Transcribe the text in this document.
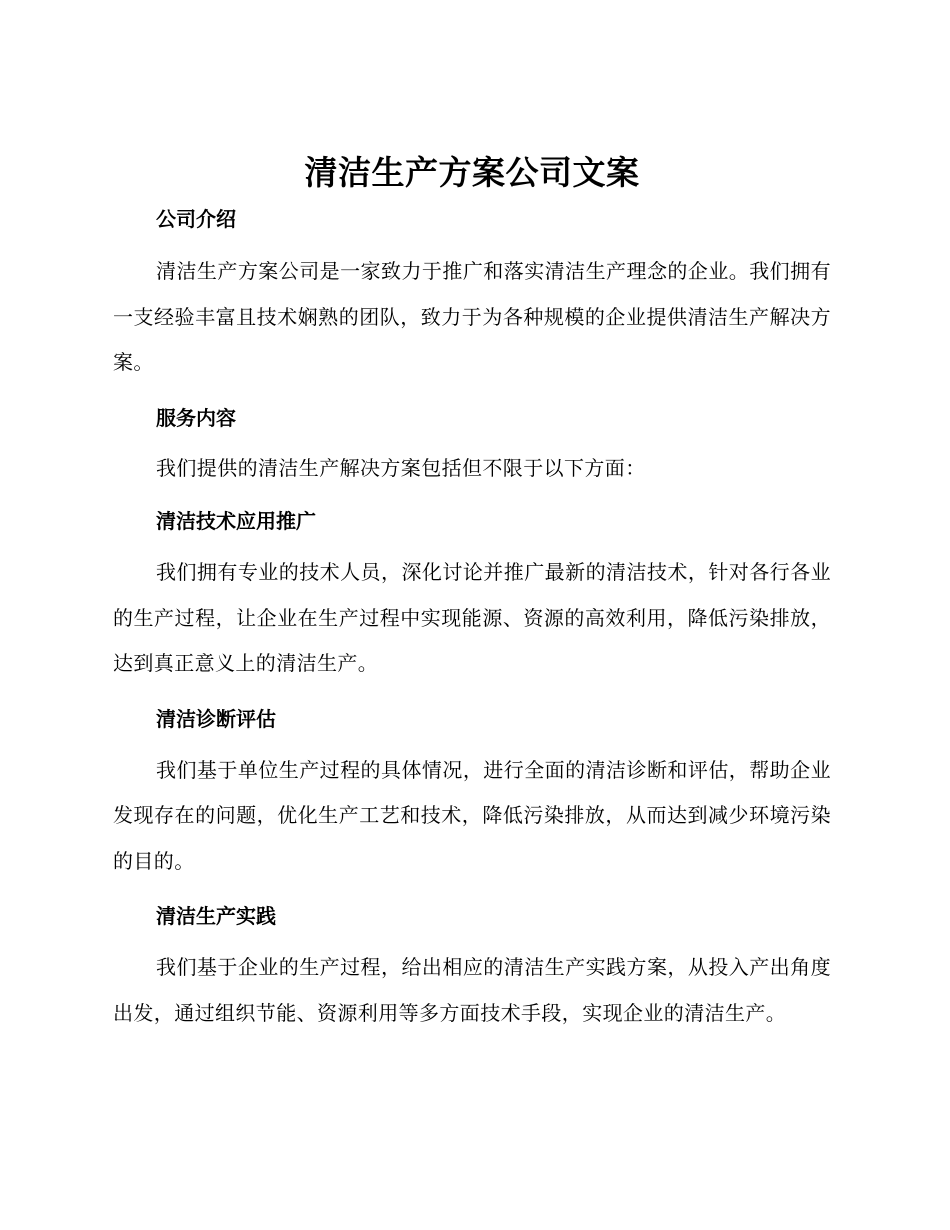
清洁生产方案公司文案
公司介绍

清洁生产方案公司是一家致力于推广和落实清洁生产理念的企业。我们拥有一支经验丰富且技术娴熟的团队，致力于为各种规模的企业提供清洁生产解决方案。

服务内容

我们提供的清洁生产解决方案包括但不限于以下方面：

清洁技术应用推广

我们拥有专业的技术人员，深化讨论并推广最新的清洁技术，针对各行各业的生产过程，让企业在生产过程中实现能源、资源的高效利用，降低污染排放，达到真正意义上的清洁生产。

清洁诊断评估

我们基于单位生产过程的具体情况，进行全面的清洁诊断和评估，帮助企业发现存在的问题，优化生产工艺和技术，降低污染排放，从而达到减少环境污染的目的。

清洁生产实践

我们基于企业的生产过程，给出相应的清洁生产实践方案，从投入产出角度出发，通过组织节能、资源利用等多方面技术手段，实现企业的清洁生产。
